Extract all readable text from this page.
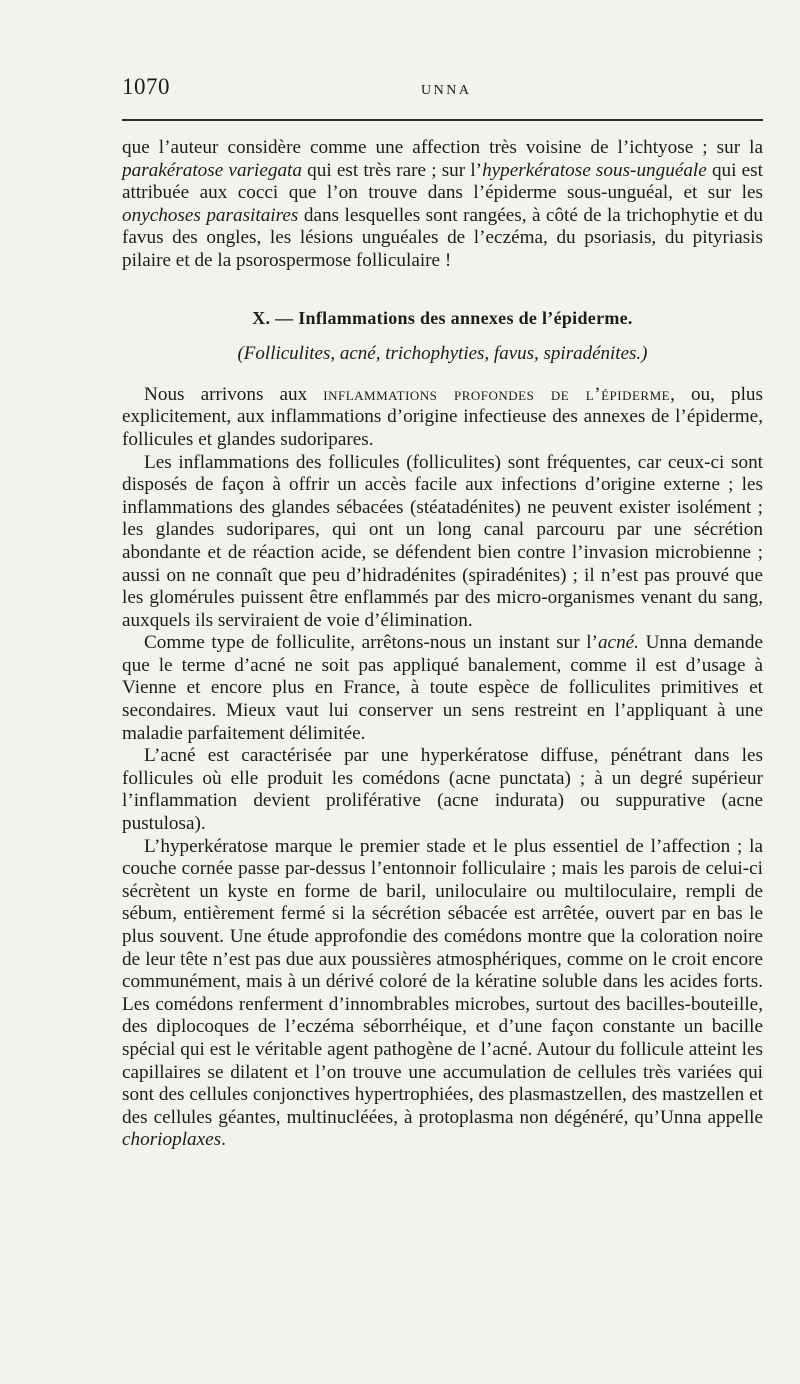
1070	UNNA

que l’auteur considère comme une affection très voisine de l’ichtyose ; sur la parakératose variegata qui est très rare ; sur l’hyperkératose sous-unguéale qui est attribuée aux cocci que l’on trouve dans l’épiderme sous-unguéal, et sur les onychoses parasitaires dans lesquelles sont rangées, à côté de la trichophytie et du favus des ongles, les lésions unguéales de l’eczéma, du psoriasis, du pityriasis pilaire et de la psorospermose folliculaire !

X. — Inflammations des annexes de l’épiderme.

(Folliculites, acné, trichophyties, favus, spiradénites.)

Nous arrivons aux inflammations profondes de l’épiderme, ou, plus explicitement, aux inflammations d’origine infectieuse des annexes de l’épiderme, follicules et glandes sudoripares.

Les inflammations des follicules (folliculites) sont fréquentes, car ceux-ci sont disposés de façon à offrir un accès facile aux infections d’origine externe ; les inflammations des glandes sébacées (stéatadénites) ne peuvent exister isolément ; les glandes sudoripares, qui ont un long canal parcouru par une sécrétion abondante et de réaction acide, se défendent bien contre l’invasion microbienne ; aussi on ne connaît que peu d’hidradénites (spiradénites) ; il n’est pas prouvé que les glomérules puissent être enflammés par des micro-organismes venant du sang, auxquels ils serviraient de voie d’élimination.

Comme type de folliculite, arrêtons-nous un instant sur l’acné. Unna demande que le terme d’acné ne soit pas appliqué banalement, comme il est d’usage à Vienne et encore plus en France, à toute espèce de folliculites primitives et secondaires. Mieux vaut lui conserver un sens restreint en l’appliquant à une maladie parfaitement délimitée.

L’acné est caractérisée par une hyperkératose diffuse, pénétrant dans les follicules où elle produit les comédons (acne punctata) ; à un degré supérieur l’inflammation devient proliférative (acne indurata) ou suppurative (acne pustulosa).

L’hyperkératose marque le premier stade et le plus essentiel de l’affection ; la couche cornée passe par-dessus l’entonnoir folliculaire ; mais les parois de celui-ci sécrètent un kyste en forme de baril, uniloculaire ou multiloculaire, rempli de sébum, entièrement fermé si la sécrétion sébacée est arrêtée, ouvert par en bas le plus souvent. Une étude approfondie des comédons montre que la coloration noire de leur tête n’est pas due aux poussières atmosphériques, comme on le croit encore communément, mais à un dérivé coloré de la kératine soluble dans les acides forts. Les comédons renferment d’innombrables microbes, surtout des bacilles-bouteille, des diplocoques de l’eczéma séborrhéique, et d’une façon constante un bacille spécial qui est le véritable agent pathogène de l’acné. Autour du follicule atteint les capillaires se dilatent et l’on trouve une accumulation de cellules très variées qui sont des cellules conjonctives hypertrophiées, des plasmastzellen, des mastzellen et des cellules géantes, multinucléées, à protoplasma non dégénéré, qu’Unna appelle chorioplaxes.
